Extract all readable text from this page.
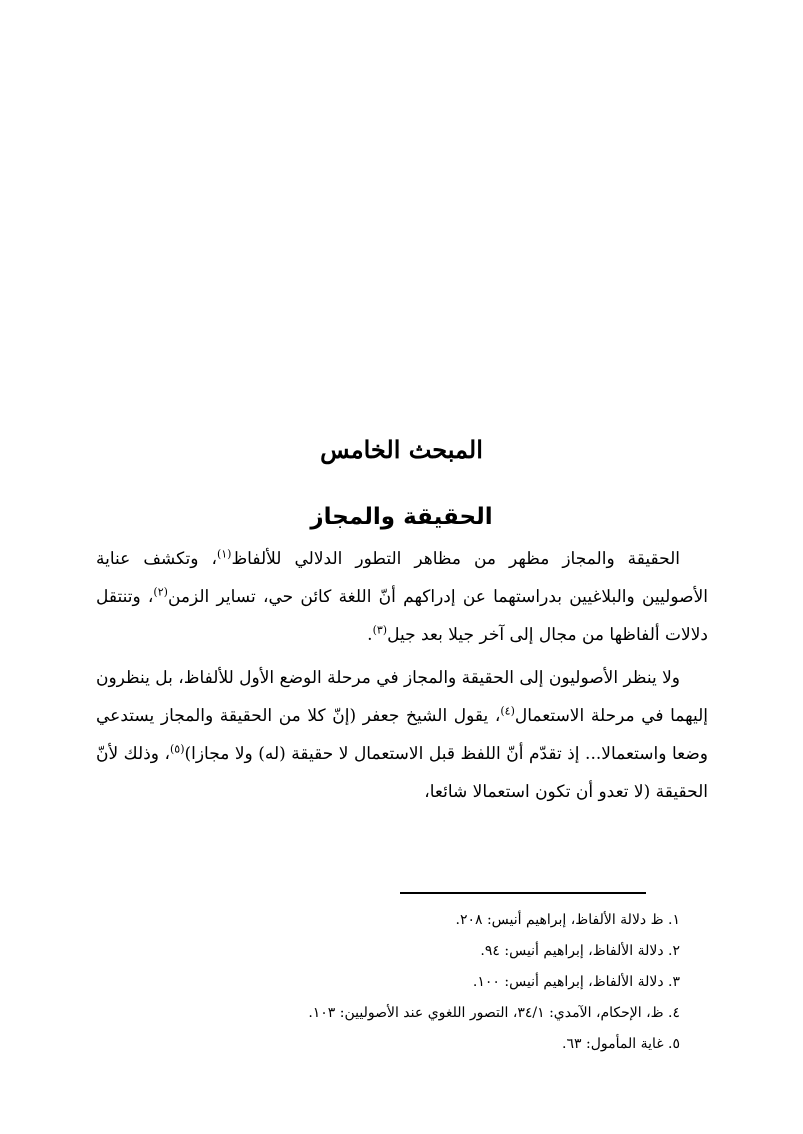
المبحث الخامس
الحقيقة والمجاز

الحقيقة والمجاز مظهر من مظاهر التطور الدلالي للألفاظ$^{(١)}$، وتكشف عناية الأصوليين والبلاغيين بدراستهما عن إدراكهم أنّ اللغة كائن حي، تساير الزمن$^{(٢)}$، وتنتقل دلالات ألفاظها من مجال إلى آخر جيلا بعد جيل$^{(٣)}$.

ولا ينظر الأصوليون إلى الحقيقة والمجاز في مرحلة الوضع الأول للألفاظ، بل ينظرون إليهما في مرحلة الاستعمال$^{(٤)}$، يقول الشيخ جعفر (إنّ كلا من الحقيقة والمجاز يستدعي وضعا واستعمالا... إذ تقدّم أنّ اللفظ قبل الاستعمال لا حقيقة (له) ولا مجازا)$^{(٥)}$، وذلك لأنّ الحقيقة (لا تعدو أن تكون استعمالا شائعا،

١. ظ دلالة الألفاظ، إبراهيم أنيس: ٢٠٨.
٢. دلالة الألفاظ، إبراهيم أنيس: ٩٤.
٣. دلالة الألفاظ، إبراهيم أنيس: ١٠٠.
٤. ظ، الإحكام، الآمدي: ٣٤/١، التصور اللغوي عند الأصوليين: ١٠٣.
٥. غاية المأمول: ٦٣.
